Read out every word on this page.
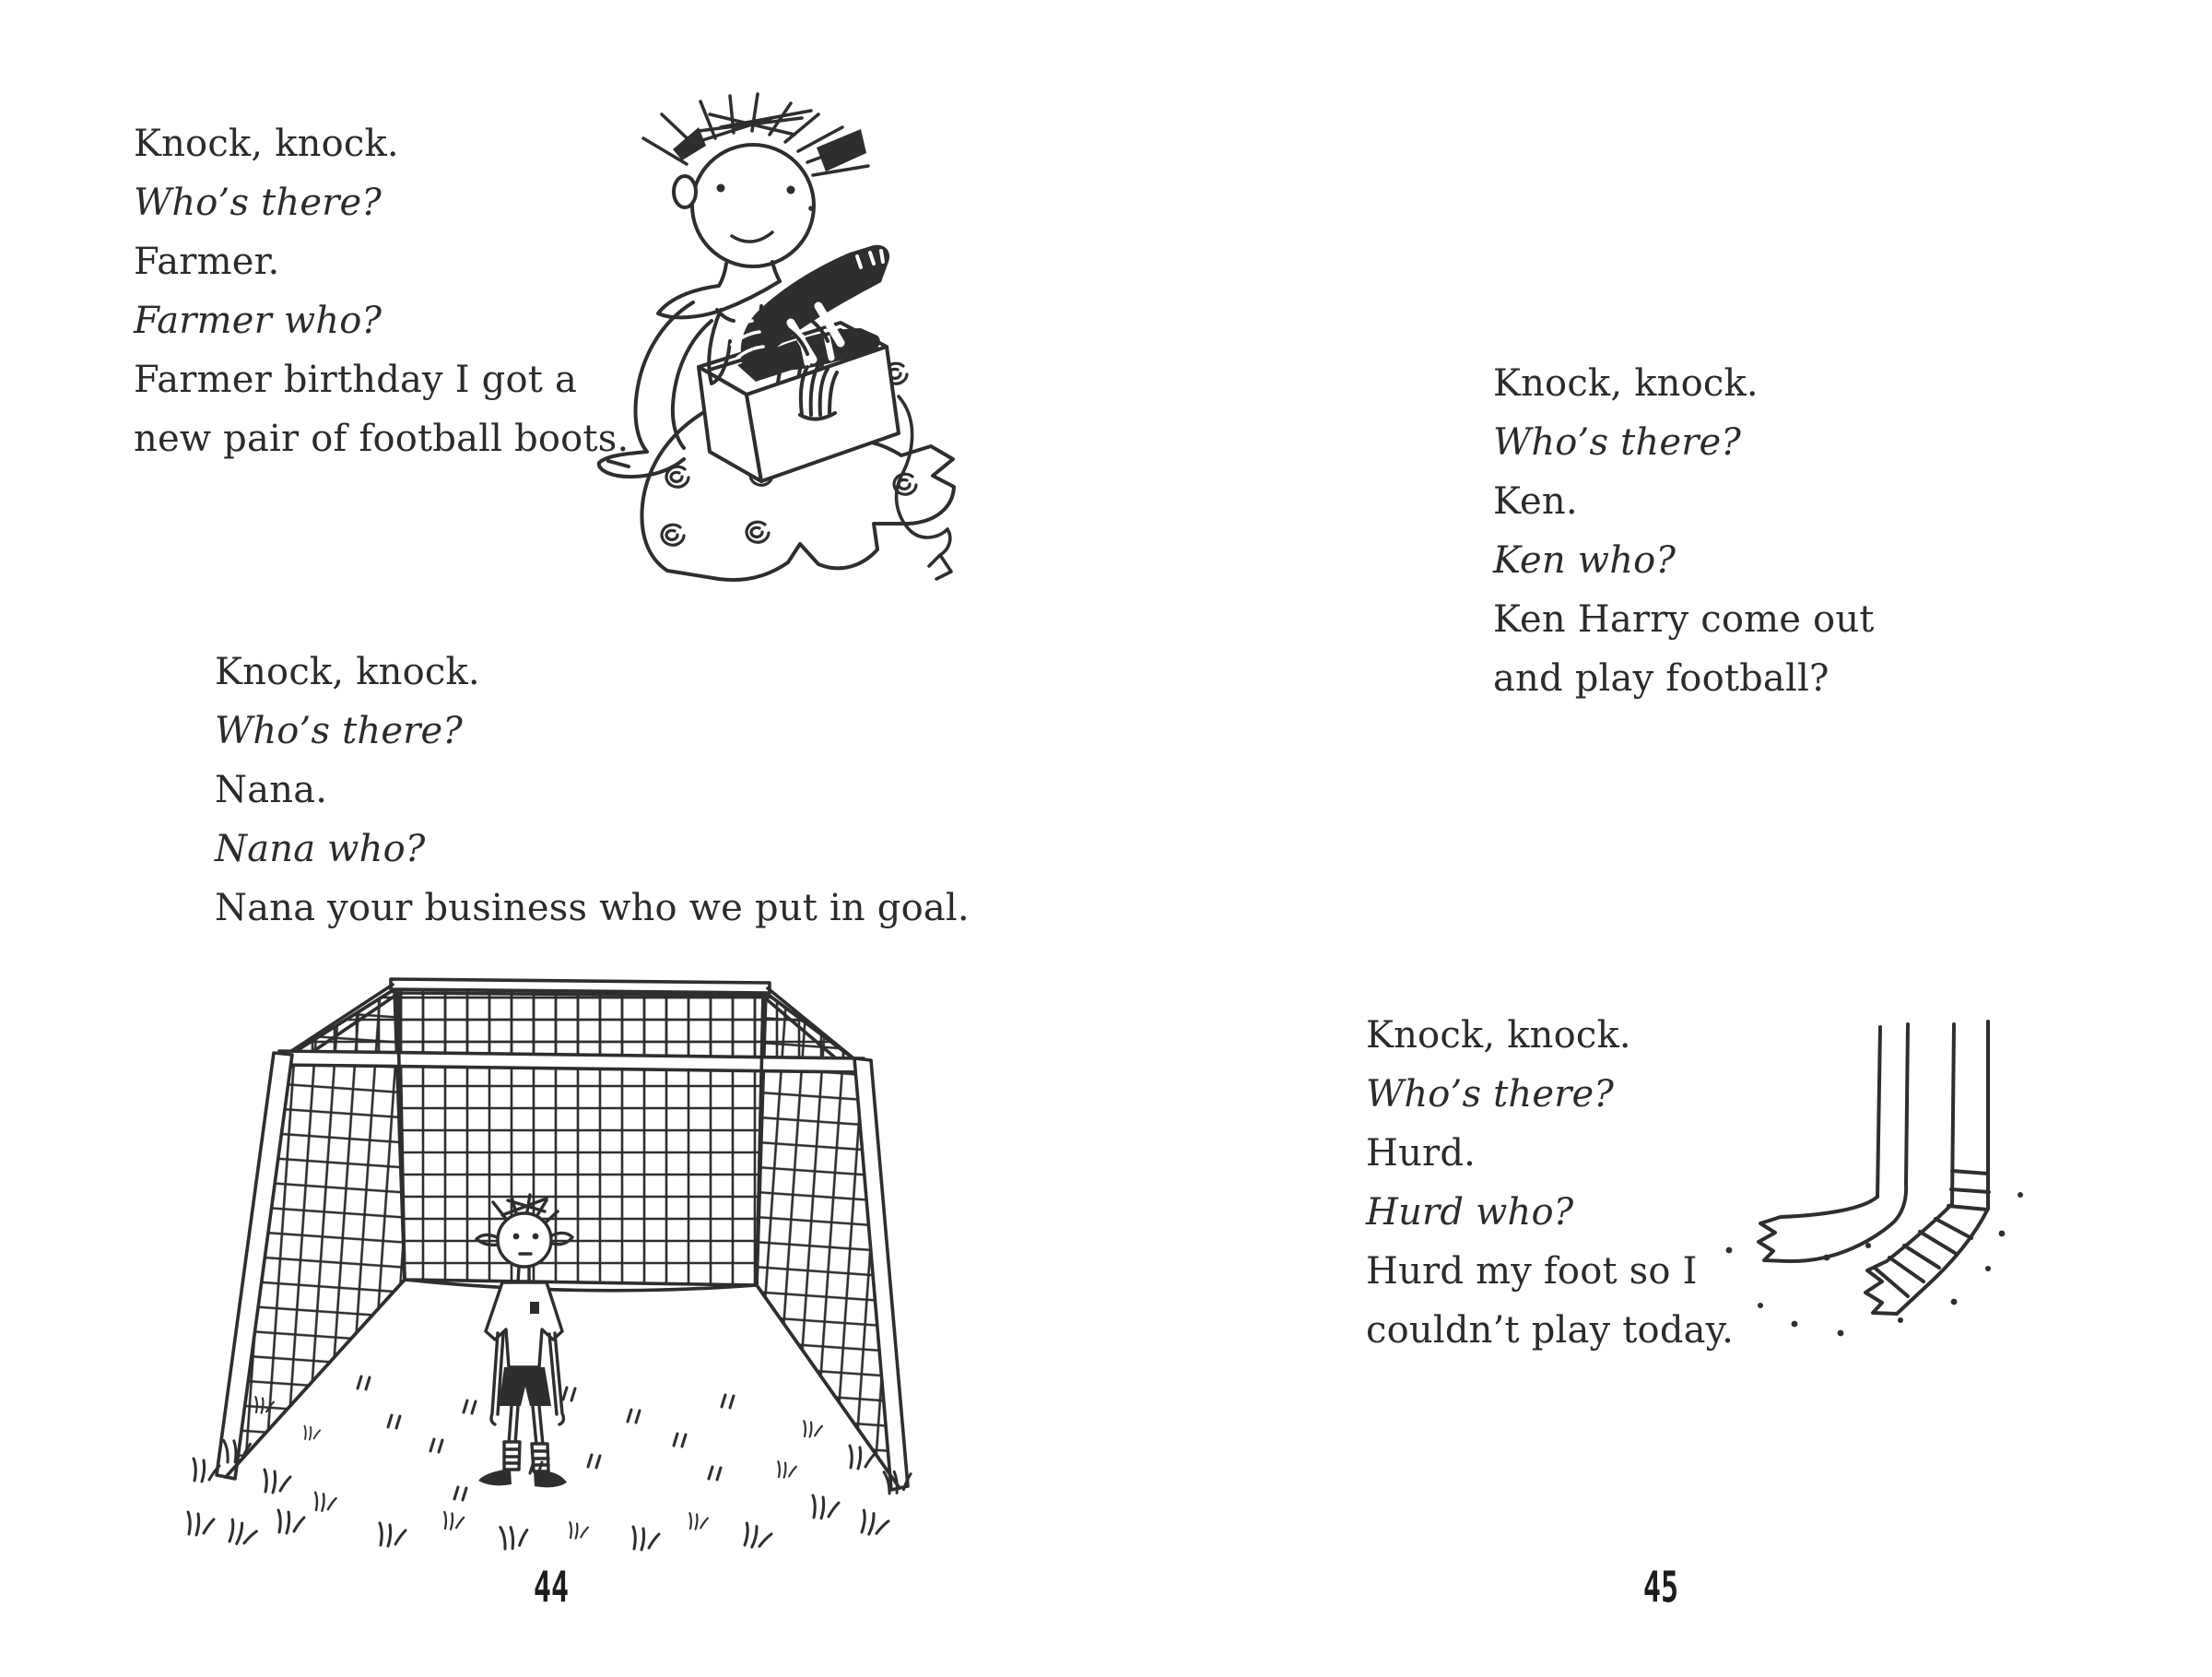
Knock, knock.
Who’s there?
Farmer.
Farmer who?
Farmer birthday I got a
new pair of football boots.
Knock, knock.
Who’s there?
Nana.
Nana who?
Nana your business who we put in goal.
44
Knock, knock.
Who’s there?
Ken.
Ken who?
Ken Harry come out
and play football?
Knock, knock.
Who’s there?
Hurd.
Hurd who?
Hurd my foot so I
couldn’t play today.
45
